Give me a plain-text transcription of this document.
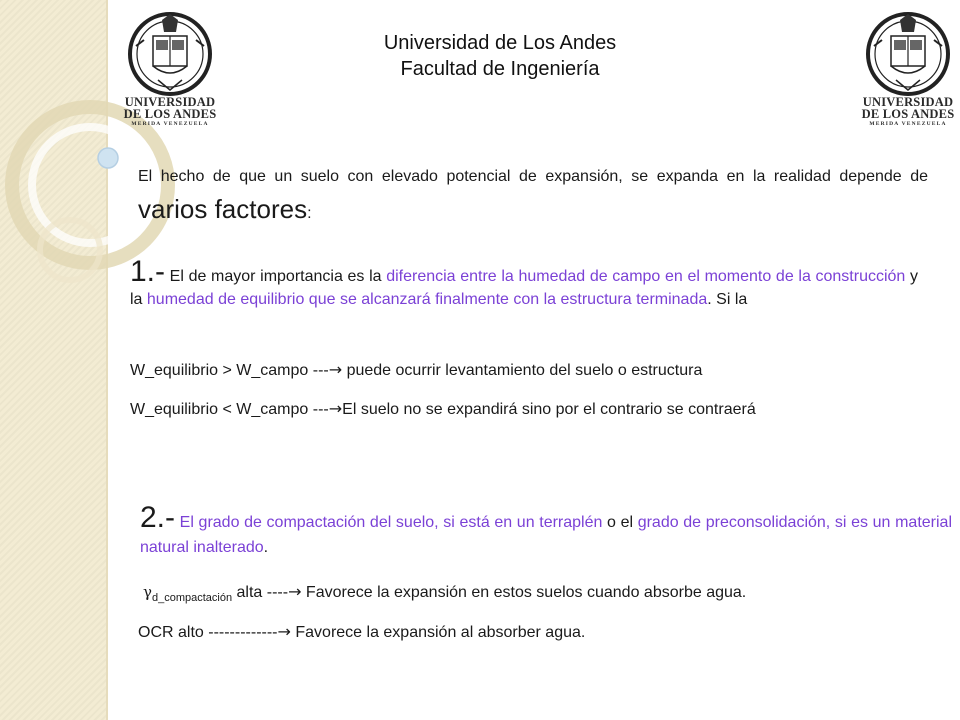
UNIVERSIDAD
DE LOS ANDES
MERIDA VENEZUELA
UNIVERSIDAD
DE LOS ANDES
MERIDA VENEZUELA
Universidad de Los Andes
Facultad de Ingeniería
El hecho de que un suelo con elevado potencial de expansión, se expanda en la realidad depende de varios factores:
1.- El de mayor importancia es la diferencia entre la humedad de campo en el momento de la construcción y la humedad de equilibrio que se alcanzará finalmente con la estructura terminada. Si la
W_equilibrio > W_campo ---→ puede ocurrir levantamiento del suelo o estructura
W_equilibrio < W_campo ---→El suelo no se expandirá sino por el contrario se contraerá
2.- El grado de compactación del suelo, si está en un terraplén o el grado de preconsolidación, si es un material natural inalterado.
$\gamma_{d\_compactación}$ alta ----→ Favorece la expansión en estos suelos cuando absorbe agua.
OCR alto -------------→ Favorece la expansión al absorber agua.
